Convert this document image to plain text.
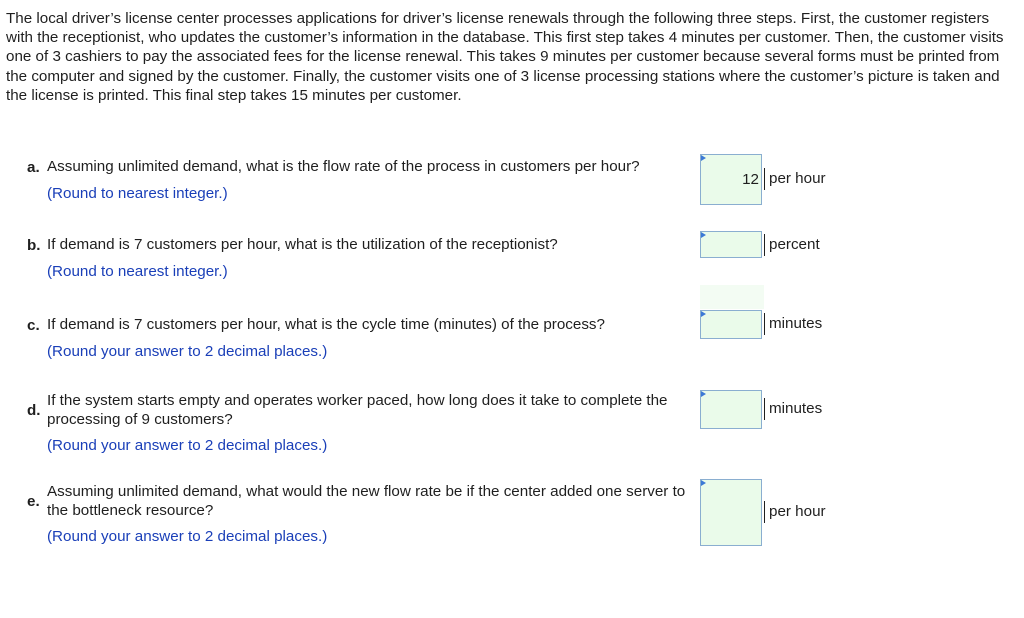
The local driver’s license center processes applications for driver’s license renewals through the following three steps. First, the customer registers with the receptionist, who updates the customer’s information in the database. This first step takes 4 minutes per customer. Then, the customer visits one of 3 cashiers to pay the associated fees for the license renewal. This takes 9 minutes per customer because several forms must be printed from the computer and signed by the customer. Finally, the customer visits one of 3 license processing stations where the customer’s picture is taken and the license is printed. This final step takes 15 minutes per customer.

a. Assuming unlimited demand, what is the flow rate of the process in customers per hour?
(Round to nearest integer.)
12 per hour
b. If demand is 7 customers per hour, what is the utilization of the receptionist?
(Round to nearest integer.)
percent
c. If demand is 7 customers per hour, what is the cycle time (minutes) of the process?
(Round your answer to 2 decimal places.)
minutes
d.
If the system starts empty and operates worker paced, how long does it take to complete the processing of 9 customers?
(Round your answer to 2 decimal places.)
minutes
e.
Assuming unlimited demand, what would the new flow rate be if the center added one server to the bottleneck resource?
(Round your answer to 2 decimal places.)
per hour
